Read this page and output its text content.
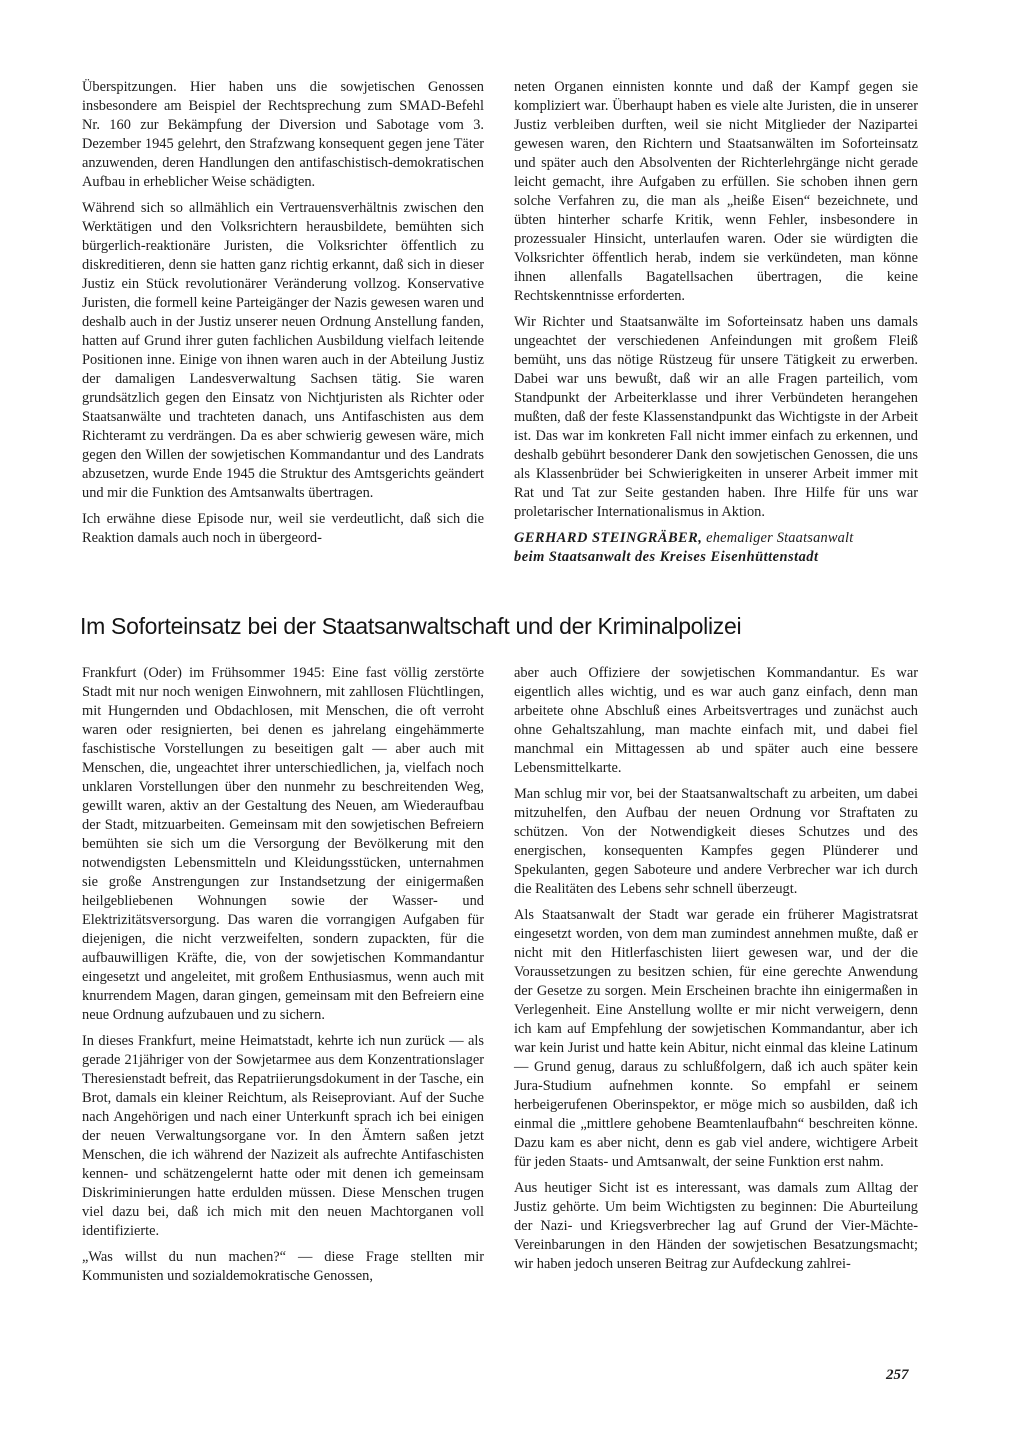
Überspitzungen. Hier haben uns die sowjetischen Genossen insbesondere am Beispiel der Rechtsprechung zum SMAD-Befehl Nr. 160 zur Bekämpfung der Diversion und Sabotage vom 3. Dezember 1945 gelehrt, den Strafzwang konsequent gegen jene Täter anzuwenden, deren Handlungen den antifaschistisch-demokratischen Aufbau in erheblicher Weise schädigten.

Während sich so allmählich ein Vertrauensverhältnis zwischen den Werktätigen und den Volksrichtern herausbildete, bemühten sich bürgerlich-reaktionäre Juristen, die Volksrichter öffentlich zu diskreditieren, denn sie hatten ganz richtig erkannt, daß sich in dieser Justiz ein Stück revolutionärer Veränderung vollzog. Konservative Juristen, die formell keine Parteigänger der Nazis gewesen waren und deshalb auch in der Justiz unserer neuen Ordnung Anstellung fanden, hatten auf Grund ihrer guten fachlichen Ausbildung vielfach leitende Positionen inne. Einige von ihnen waren auch in der Abteilung Justiz der damaligen Landesverwaltung Sachsen tätig. Sie waren grundsätzlich gegen den Einsatz von Nichtjuristen als Richter oder Staatsanwälte und trachteten danach, uns Antifaschisten aus dem Richteramt zu verdrängen. Da es aber schwierig gewesen wäre, mich gegen den Willen der sowjetischen Kommandantur und des Landrats abzusetzen, wurde Ende 1945 die Struktur des Amtsgerichts geändert und mir die Funktion des Amtsanwalts übertragen.

Ich erwähne diese Episode nur, weil sie verdeutlicht, daß sich die Reaktion damals auch noch in übergeord-

neten Organen einnisten konnte und daß der Kampf gegen sie kompliziert war. Überhaupt haben es viele alte Juristen, die in unserer Justiz verbleiben durften, weil sie nicht Mitglieder der Nazipartei gewesen waren, den Richtern und Staatsanwälten im Soforteinsatz und später auch den Absolventen der Richterlehrgänge nicht gerade leicht gemacht, ihre Aufgaben zu erfüllen. Sie schoben ihnen gern solche Verfahren zu, die man als „heiße Eisen“ bezeichnete, und übten hinterher scharfe Kritik, wenn Fehler, insbesondere in prozessualer Hinsicht, unterlaufen waren. Oder sie würdigten die Volksrichter öffentlich herab, indem sie verkündeten, man könne ihnen allenfalls Bagatellsachen übertragen, die keine Rechtskenntnisse erforderten.

Wir Richter und Staatsanwälte im Soforteinsatz haben uns damals ungeachtet der verschiedenen Anfeindungen mit großem Fleiß bemüht, uns das nötige Rüstzeug für unsere Tätigkeit zu erwerben. Dabei war uns bewußt, daß wir an alle Fragen parteilich, vom Standpunkt der Arbeiterklasse und ihrer Verbündeten herangehen mußten, daß der feste Klassenstandpunkt das Wichtigste in der Arbeit ist. Das war im konkreten Fall nicht immer einfach zu erkennen, und deshalb gebührt besonderer Dank den sowjetischen Genossen, die uns als Klassenbrüder bei Schwierigkeiten in unserer Arbeit immer mit Rat und Tat zur Seite gestanden haben. Ihre Hilfe für uns war proletarischer Internationalismus in Aktion.

GERHARD STEINGRÄBER, ehemaliger Staatsanwalt
beim Staatsanwalt des Kreises Eisenhüttenstadt
Im Soforteinsatz bei der Staatsanwaltschaft und der Kriminalpolizei

Frankfurt (Oder) im Frühsommer 1945: Eine fast völlig zerstörte Stadt mit nur noch wenigen Einwohnern, mit zahllosen Flüchtlingen, mit Hungernden und Obdachlosen, mit Menschen, die oft verroht waren oder resignierten, bei denen es jahrelang eingehämmerte faschistische Vorstellungen zu beseitigen galt — aber auch mit Menschen, die, ungeachtet ihrer unterschiedlichen, ja, vielfach noch unklaren Vorstellungen über den nunmehr zu beschreitenden Weg, gewillt waren, aktiv an der Gestaltung des Neuen, am Wiederaufbau der Stadt, mitzuarbeiten. Gemeinsam mit den sowjetischen Befreiern bemühten sie sich um die Versorgung der Bevölkerung mit den notwendigsten Lebensmitteln und Kleidungsstücken, unternahmen sie große Anstrengungen zur Instandsetzung der einigermaßen heilgebliebenen Wohnungen sowie der Wasser- und Elektrizitätsversorgung. Das waren die vorrangigen Aufgaben für diejenigen, die nicht verzweifelten, sondern zupackten, für die aufbauwilligen Kräfte, die, von der sowjetischen Kommandantur eingesetzt und angeleitet, mit großem Enthusiasmus, wenn auch mit knurrendem Magen, daran gingen, gemeinsam mit den Befreiern eine neue Ordnung aufzubauen und zu sichern.

In dieses Frankfurt, meine Heimatstadt, kehrte ich nun zurück — als gerade 21jähriger von der Sowjetarmee aus dem Konzentrationslager Theresienstadt befreit, das Repatriierungsdokument in der Tasche, ein Brot, damals ein kleiner Reichtum, als Reiseproviant. Auf der Suche nach Angehörigen und nach einer Unterkunft sprach ich bei einigen der neuen Verwaltungsorgane vor. In den Ämtern saßen jetzt Menschen, die ich während der Nazizeit als aufrechte Antifaschisten kennen- und schätzengelernt hatte oder mit denen ich gemeinsam Diskriminierungen hatte erdulden müssen. Diese Menschen trugen viel dazu bei, daß ich mich mit den neuen Machtorganen voll identifizierte.

„Was willst du nun machen?“ — diese Frage stellten mir Kommunisten und sozialdemokratische Genossen,

aber auch Offiziere der sowjetischen Kommandantur. Es war eigentlich alles wichtig, und es war auch ganz einfach, denn man arbeitete ohne Abschluß eines Arbeitsvertrages und zunächst auch ohne Gehaltszahlung, man machte einfach mit, und dabei fiel manchmal ein Mittagessen ab und später auch eine bessere Lebensmittelkarte.

Man schlug mir vor, bei der Staatsanwaltschaft zu arbeiten, um dabei mitzuhelfen, den Aufbau der neuen Ordnung vor Straftaten zu schützen. Von der Notwendigkeit dieses Schutzes und des energischen, konsequenten Kampfes gegen Plünderer und Spekulanten, gegen Saboteure und andere Verbrecher war ich durch die Realitäten des Lebens sehr schnell überzeugt.

Als Staatsanwalt der Stadt war gerade ein früherer Magistratsrat eingesetzt worden, von dem man zumindest annehmen mußte, daß er nicht mit den Hitlerfaschisten liiert gewesen war, und der die Voraussetzungen zu besitzen schien, für eine gerechte Anwendung der Gesetze zu sorgen. Mein Erscheinen brachte ihn einigermaßen in Verlegenheit. Eine Anstellung wollte er mir nicht verweigern, denn ich kam auf Empfehlung der sowjetischen Kommandantur, aber ich war kein Jurist und hatte kein Abitur, nicht einmal das kleine Latinum — Grund genug, daraus zu schlußfolgern, daß ich auch später kein Jura-Studium aufnehmen konnte. So empfahl er seinem herbeigerufenen Oberinspektor, er möge mich so ausbilden, daß ich einmal die „mittlere gehobene Beamtenlaufbahn“ beschreiten könne. Dazu kam es aber nicht, denn es gab viel andere, wichtigere Arbeit für jeden Staats- und Amtsanwalt, der seine Funktion erst nahm.

Aus heutiger Sicht ist es interessant, was damals zum Alltag der Justiz gehörte. Um beim Wichtigsten zu beginnen: Die Aburteilung der Nazi- und Kriegsverbrecher lag auf Grund der Vier-Mächte-Vereinbarungen in den Händen der sowjetischen Besatzungsmacht; wir haben jedoch unseren Beitrag zur Aufdeckung zahlrei-

257
